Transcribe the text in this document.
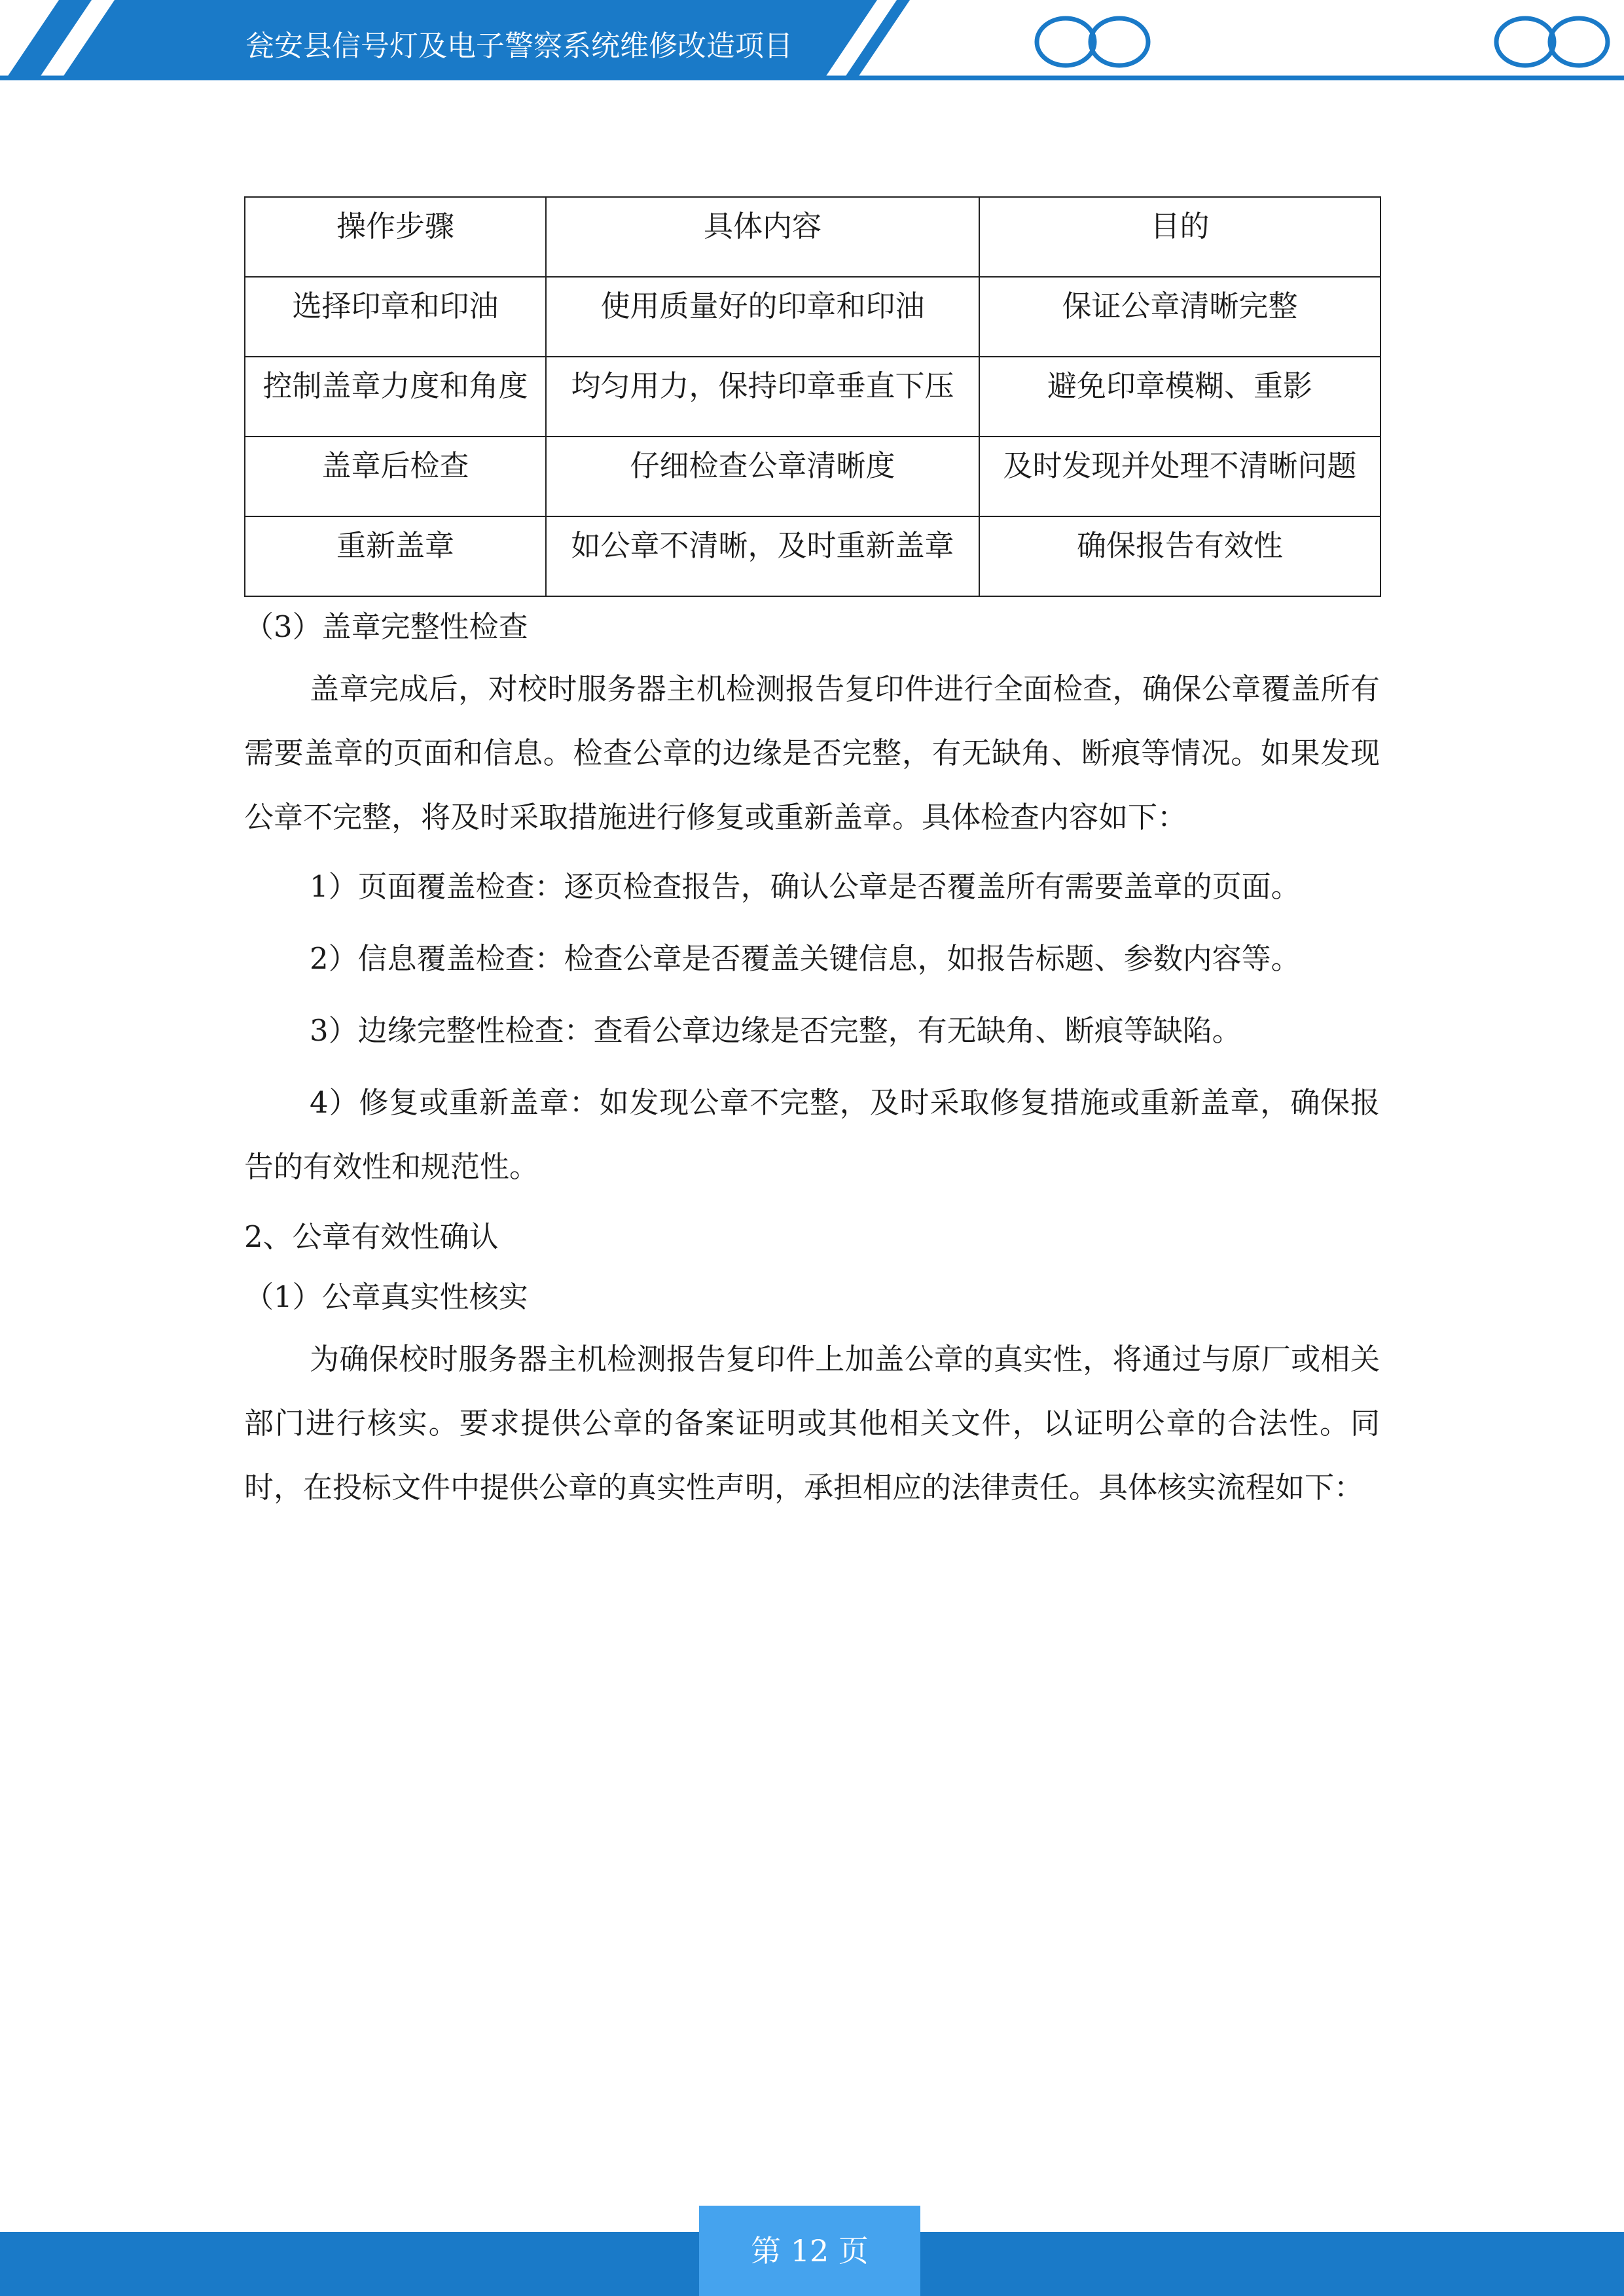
瓮安县信号灯及电子警察系统维修改造项目
操作步骤	具体内容	目的
选择印章和印油	使用质量好的印章和印油	保证公章清晰完整
控制盖章力度和角度	均匀用力，保持印章垂直下压	避免印章模糊、重影
盖章后检查	仔细检查公章清晰度	及时发现并处理不清晰问题
重新盖章	如公章不清晰，及时重新盖章	确保报告有效性

（3）盖章完整性检查

盖章完成后，对校时服务器主机检测报告复印件进行全面检查，确保公章覆盖所有需要盖章的页面和信息。检查公章的边缘是否完整，有无缺角、断痕等情况。如果发现公章不完整，将及时采取措施进行修复或重新盖章。具体检查内容如下：

1）页面覆盖检查：逐页检查报告，确认公章是否覆盖所有需要盖章的页面。

2）信息覆盖检查：检查公章是否覆盖关键信息，如报告标题、参数内容等。

3）边缘完整性检查：查看公章边缘是否完整，有无缺角、断痕等缺陷。

4）修复或重新盖章：如发现公章不完整，及时采取修复措施或重新盖章，确保报告的有效性和规范性。

2、公章有效性确认

（1）公章真实性核实

为确保校时服务器主机检测报告复印件上加盖公章的真实性，将通过与原厂或相关部门进行核实。要求提供公章的备案证明或其他相关文件，以证明公章的合法性。同时，在投标文件中提供公章的真实性声明，承担相应的法律责任。具体核实流程如下：

第 12 页
